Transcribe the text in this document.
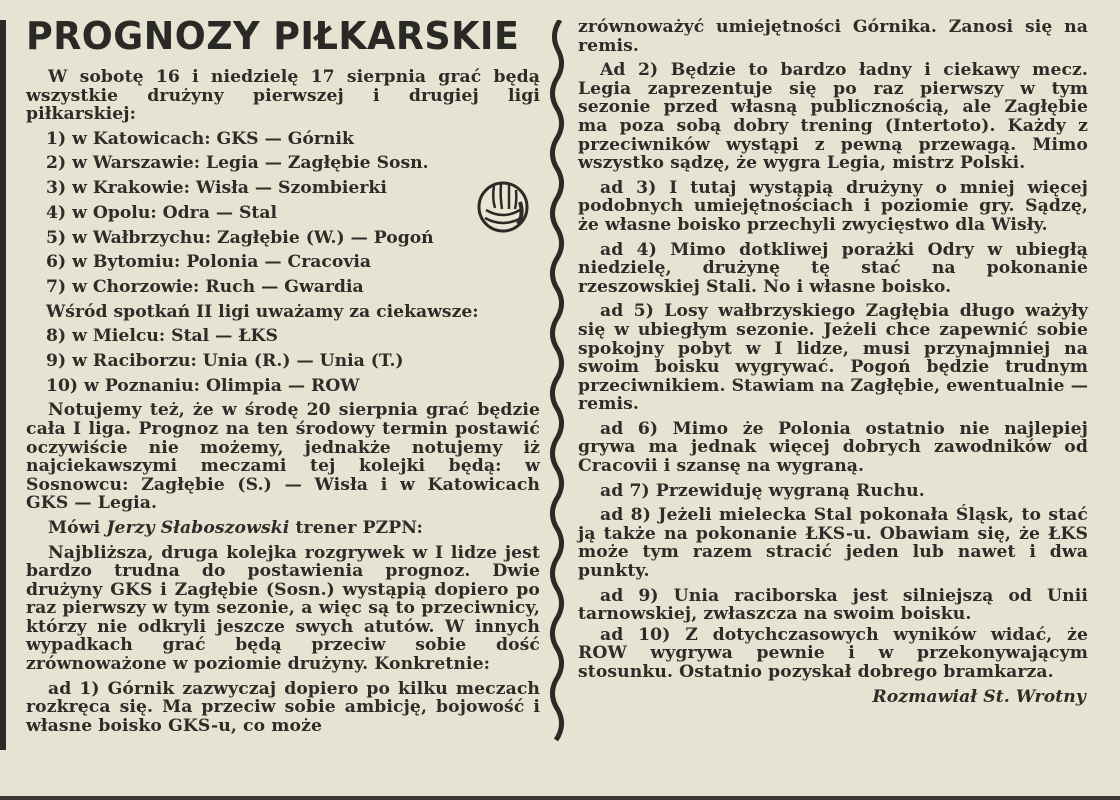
PROGNOZY PIŁKARSKIE

W sobotę 16 i niedzielę 17 sierpnia grać będą wszystkie drużyny pierwszej i drugiej ligi piłkarskiej:

1) w Katowicach: GKS — Górnik
2) w Warszawie: Legia — Zagłębie Sosn.
3) w Krakowie: Wisła — Szombierki
4) w Opolu: Odra — Stal
5) w Wałbrzychu: Zagłębie (W.) — Pogoń
6) w Bytomiu: Polonia — Cracovia
7) w Chorzowie: Ruch — Gwardia
Wśród spotkań II ligi uważamy za ciekawsze:
8) w Mielcu: Stal — ŁKS
9) w Raciborzu: Unia (R.) — Unia (T.)
10) w Poznaniu: Olimpia — ROW

Notujemy też, że w środę 20 sierpnia grać będzie cała I liga. Prognoz na ten środowy termin postawić oczywiście nie możemy, jednakże notujemy iż najciekawszymi meczami tej kolejki będą: w Sosnowcu: Zagłębie (S.) — Wisła i w Katowicach GKS — Legia.

Mówi Jerzy Słaboszowski trener PZPN:

Najbliższa, druga kolejka rozgrywek w I lidze jest bardzo trudna do postawienia prognoz. Dwie drużyny GKS i Zagłębie (Sosn.) wystąpią dopiero po raz pierwszy w tym sezonie, a więc są to przeciwnicy, którzy nie odkryli jeszcze swych atutów. W innych wypadkach grać będą przeciw sobie dość zrównoważone w poziomie drużyny. Konkretnie:

ad 1) Górnik zazwyczaj dopiero po kilku meczach rozkręca się. Ma przeciw sobie ambicję, bojowość i własne boisko GKS-u, co może

zrównoważyć umiejętności Górnika. Zanosi się na remis.

Ad 2) Będzie to bardzo ładny i ciekawy mecz. Legia zaprezentuje się po raz pierwszy w tym sezonie przed własną publicznością, ale Zagłębie ma poza sobą dobry trening (Intertoto). Każdy z przeciwników wystąpi z pewną przewagą. Mimo wszystko sądzę, że wygra Legia, mistrz Polski.

ad 3) I tutaj wystąpią drużyny o mniej więcej podobnych umiejętnościach i poziomie gry. Sądzę, że własne boisko przechyli zwycięstwo dla Wisły.

ad 4) Mimo dotkliwej porażki Odry w ubiegłą niedzielę, drużynę tę stać na pokonanie rzeszowskiej Stali. No i własne boisko.

ad 5) Losy wałbrzyskiego Zagłębia długo ważyły się w ubiegłym sezonie. Jeżeli chce zapewnić sobie spokojny pobyt w I lidze, musi przynajmniej na swoim boisku wygrywać. Pogoń będzie trudnym przeciwnikiem. Stawiam na Zagłębie, ewentualnie — remis.

ad 6) Mimo że Polonia ostatnio nie najlepiej grywa ma jednak więcej dobrych zawodników od Cracovii i szansę na wygraną.

ad 7) Przewiduję wygraną Ruchu.

ad 8) Jeżeli mielecka Stal pokonała Śląsk, to stać ją także na pokonanie ŁKS-u. Obawiam się, że ŁKS może tym razem stracić jeden lub nawet i dwa punkty.

ad 9) Unia raciborska jest silniejszą od Unii tarnowskiej, zwłaszcza na swoim boisku.

ad 10) Z dotychczasowych wyników widać, że ROW wygrywa pewnie i w przekonywającym stosunku. Ostatnio pozyskał dobrego bramkarza.

Rozmawiał St. Wrotny
